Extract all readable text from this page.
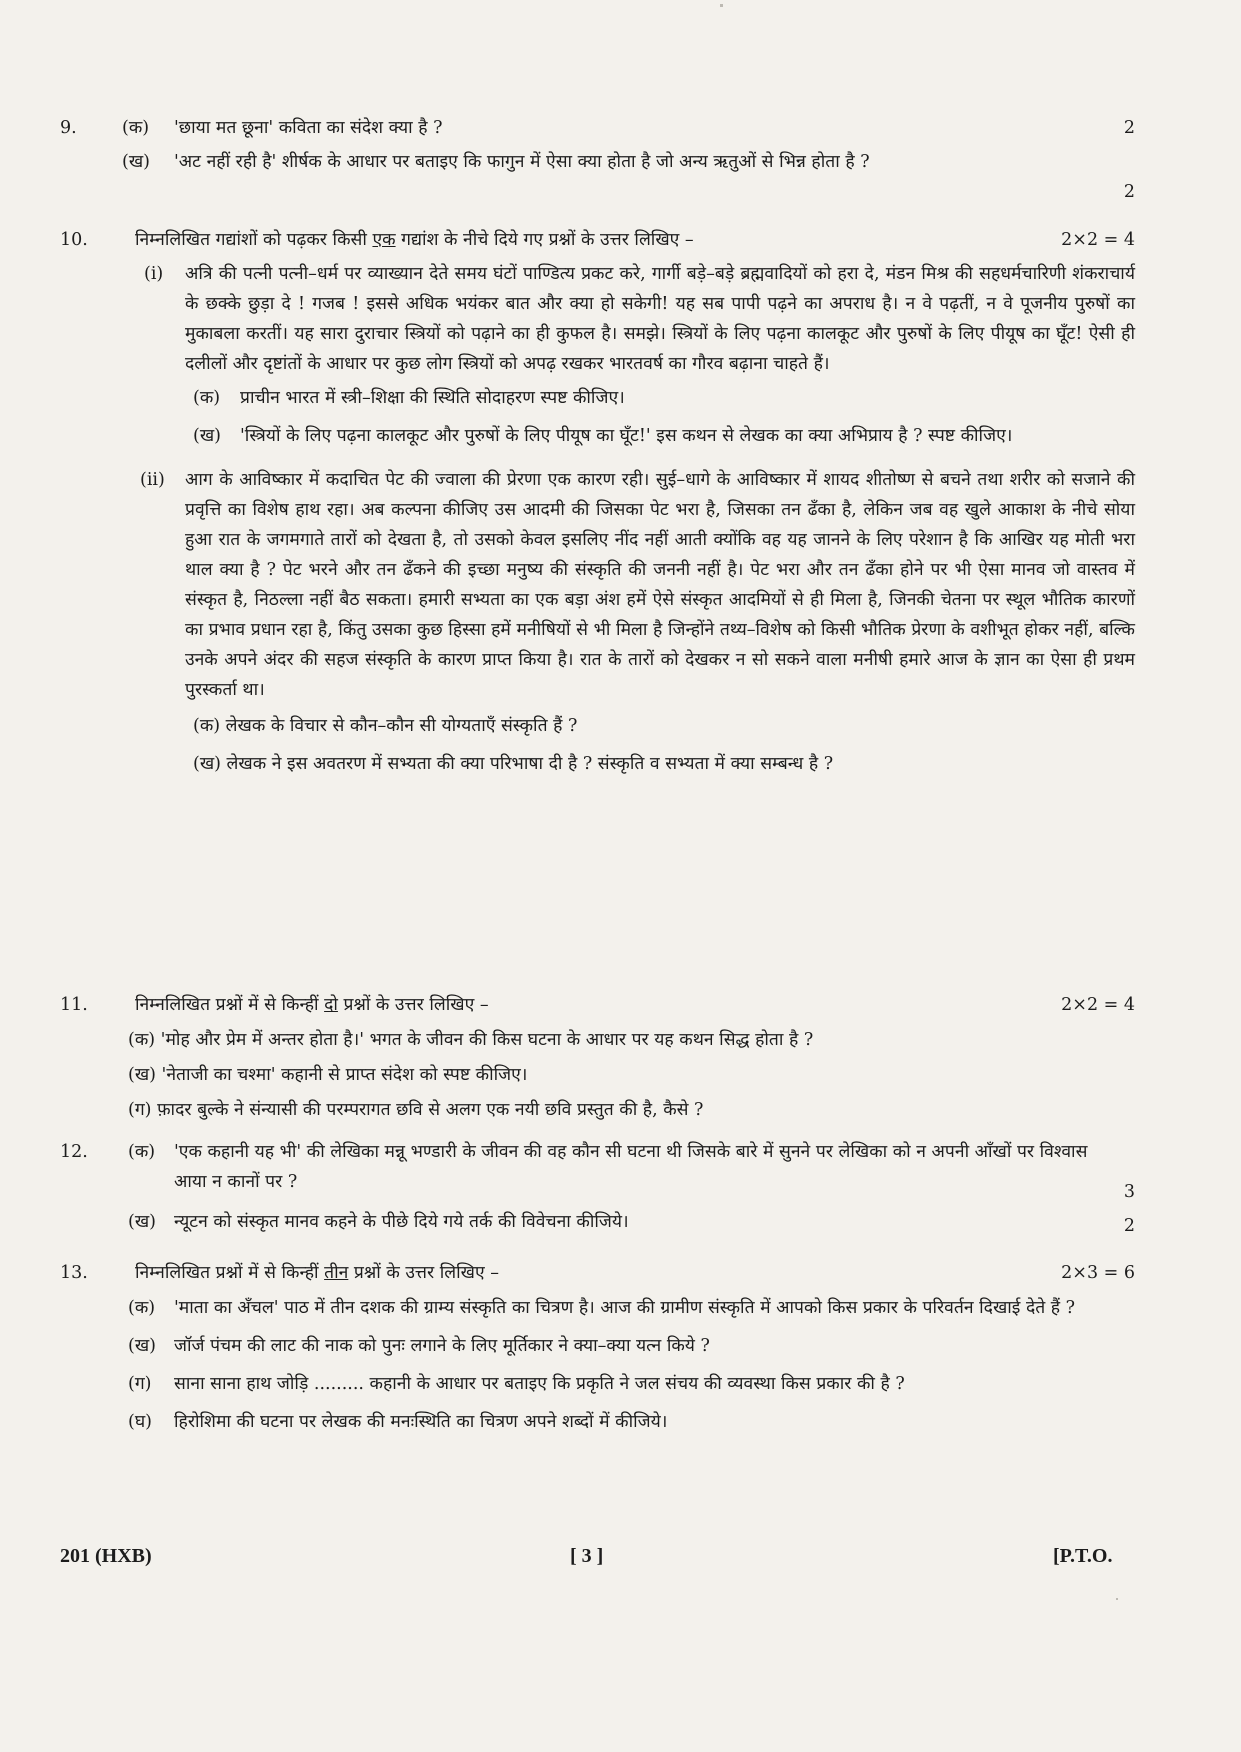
9.	(क) 'छाया मत छूना' कविता का संदेश क्या है ?	2
(ख) 'अट नहीं रही है' शीर्षक के आधार पर बताइए कि फागुन में ऐसा क्या होता है जो अन्य ऋतुओं से भिन्न होता है ?
2
10.	निम्नलिखित गद्यांशों को पढ़कर किसी एक गद्यांश के नीचे दिये गए प्रश्नों के उत्तर लिखिए –	2×2 = 4
(i) अत्रि की पत्नी पत्नी–धर्म पर व्याख्यान देते समय घंटों पाण्डित्य प्रकट करे, गार्गी बड़े–बड़े ब्रह्मवादियों को हरा दे, मंडन मिश्र की सहधर्मचारिणी शंकराचार्य के छक्के छुड़ा दे ! गजब ! इससे अधिक भयंकर बात और क्या हो सकेगी! यह सब पापी पढ़ने का अपराध है। न वे पढ़तीं, न वे पूजनीय पुरुषों का मुकाबला करतीं। यह सारा दुराचार स्त्रियों को पढ़ाने का ही कुफल है। समझे। स्त्रियों के लिए पढ़ना कालकूट और पुरुषों के लिए पीयूष का घूँट! ऐसी ही दलीलों और दृष्टांतों के आधार पर कुछ लोग स्त्रियों को अपढ़ रखकर भारतवर्ष का गौरव बढ़ाना चाहते हैं।
(क) प्राचीन भारत में स्त्री–शिक्षा की स्थिति सोदाहरण स्पष्ट कीजिए।
(ख) 'स्त्रियों के लिए पढ़ना कालकूट और पुरुषों के लिए पीयूष का घूँट!' इस कथन से लेखक का क्या अभिप्राय है ? स्पष्ट कीजिए।
(ii) आग के आविष्कार में कदाचित पेट की ज्वाला की प्रेरणा एक कारण रही। सुई–धागे के आविष्कार में शायद शीतोष्ण से बचने तथा शरीर को सजाने की प्रवृत्ति का विशेष हाथ रहा। अब कल्पना कीजिए उस आदमी की जिसका पेट भरा है, जिसका तन ढँका है, लेकिन जब वह खुले आकाश के नीचे सोया हुआ रात के जगमगाते तारों को देखता है, तो उसको केवल इसलिए नींद नहीं आती क्योंकि वह यह जानने के लिए परेशान है कि आखिर यह मोती भरा थाल क्या है ? पेट भरने और तन ढँकने की इच्छा मनुष्य की संस्कृति की जननी नहीं है। पेट भरा और तन ढँका होने पर भी ऐसा मानव जो वास्तव में संस्कृत है, निठल्ला नहीं बैठ सकता। हमारी सभ्यता का एक बड़ा अंश हमें ऐसे संस्कृत आदमियों से ही मिला है, जिनकी चेतना पर स्थूल भौतिक कारणों का प्रभाव प्रधान रहा है, किंतु उसका कुछ हिस्सा हमें मनीषियों से भी मिला है जिन्होंने तथ्य–विशेष को किसी भौतिक प्रेरणा के वशीभूत होकर नहीं, बल्कि उनके अपने अंदर की सहज संस्कृति के कारण प्राप्त किया है। रात के तारों को देखकर न सो सकने वाला मनीषी हमारे आज के ज्ञान का ऐसा ही प्रथम पुरस्कर्ता था।
(क) लेखक के विचार से कौन–कौन सी योग्यताएँ संस्कृति हैं ?
(ख) लेखक ने इस अवतरण में सभ्यता की क्या परिभाषा दी है ? संस्कृति व सभ्यता में क्या सम्बन्ध है ?
11.	निम्नलिखित प्रश्नों में से किन्हीं दो प्रश्नों के उत्तर लिखिए –	2×2 = 4
(क) 'मोह और प्रेम में अन्तर होता है।' भगत के जीवन की किस घटना के आधार पर यह कथन सिद्ध होता है ?
(ख) 'नेताजी का चश्मा' कहानी से प्राप्त संदेश को स्पष्ट कीजिए।
(ग) फ़ादर बुल्के ने संन्यासी की परम्परागत छवि से अलग एक नयी छवि प्रस्तुत की है, कैसे ?
12.	(क) 'एक कहानी यह भी' की लेखिका मन्नू भण्डारी के जीवन की वह कौन सी घटना थी जिसके बारे में सुनने पर लेखिका को न अपनी आँखों पर विश्वास आया न कानों पर ?	3
(ख) न्यूटन को संस्कृत मानव कहने के पीछे दिये गये तर्क की विवेचना कीजिये।	2
13.	निम्नलिखित प्रश्नों में से किन्हीं तीन प्रश्नों के उत्तर लिखिए –	2×3 = 6
(क) 'माता का अँचल' पाठ में तीन दशक की ग्राम्य संस्कृति का चित्रण है। आज की ग्रामीण संस्कृति में आपको किस प्रकार के परिवर्तन दिखाई देते हैं ?
(ख) जॉर्ज पंचम की लाट की नाक को पुनः लगाने के लिए मूर्तिकार ने क्या–क्या यत्न किये ?
(ग) साना साना हाथ जोड़ि ......... कहानी के आधार पर बताइए कि प्रकृति ने जल संचय की व्यवस्था किस प्रकार की है ?
(घ) हिरोशिमा की घटना पर लेखक की मनःस्थिति का चित्रण अपने शब्दों में कीजिये।
201 (HXB)	[ 3 ]	[P.T.O.
